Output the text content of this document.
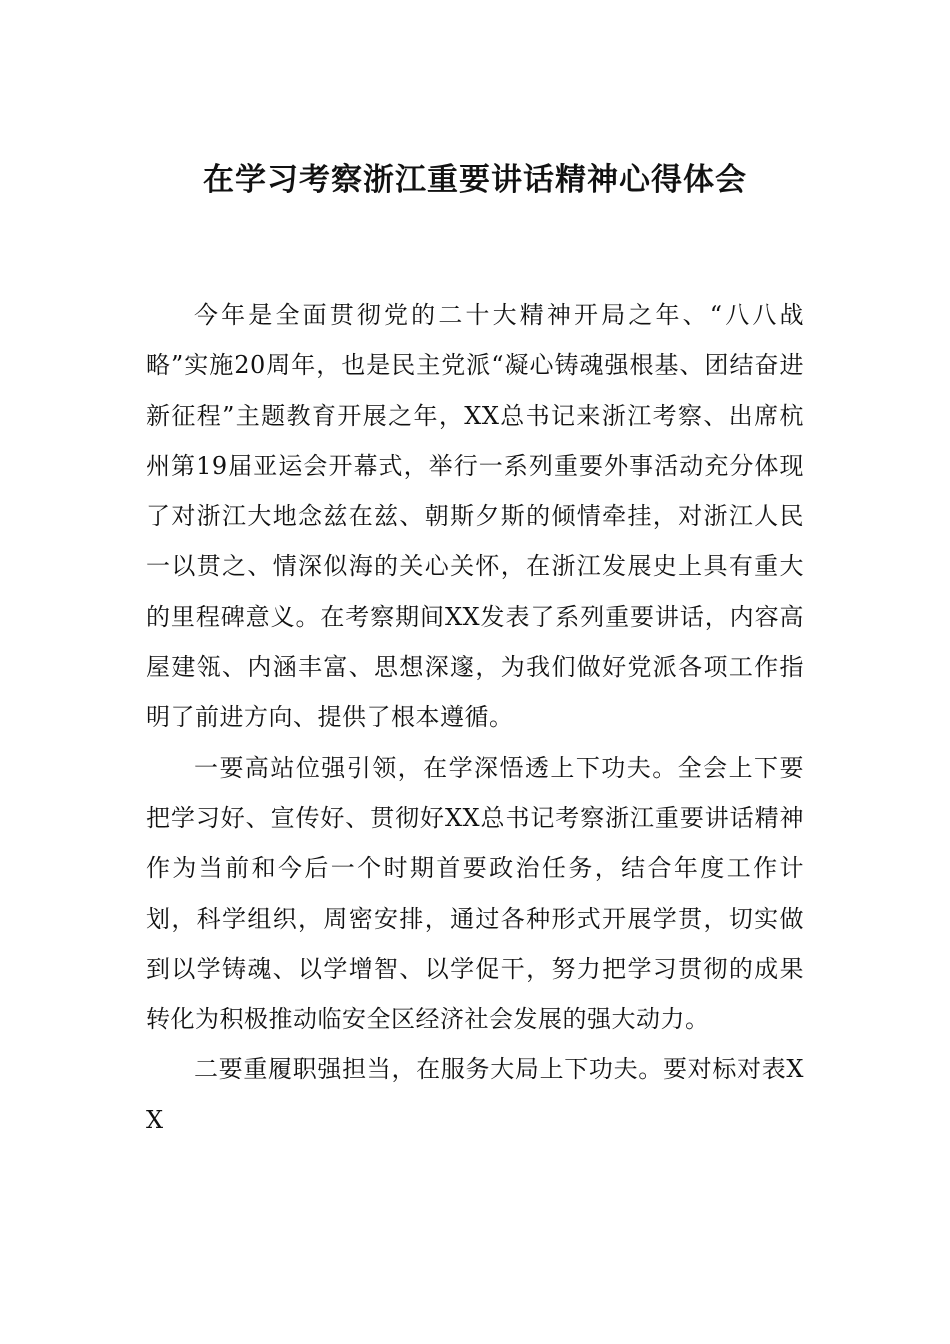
在学习考察浙江重要讲话精神心得体会

今年是全面贯彻党的二十大精神开局之年、“八八战略”实施20周年，也是民主党派“凝心铸魂强根基、团结奋进新征程”主题教育开展之年，XX总书记来浙江考察、出席杭州第19届亚运会开幕式，举行一系列重要外事活动充分体现了对浙江大地念兹在兹、朝斯夕斯的倾情牵挂，对浙江人民一以贯之、情深似海的关心关怀，在浙江发展史上具有重大的里程碑意义。在考察期间XX发表了系列重要讲话，内容高屋建瓴、内涵丰富、思想深邃，为我们做好党派各项工作指明了前进方向、提供了根本遵循。

一要高站位强引领，在学深悟透上下功夫。全会上下要把学习好、宣传好、贯彻好XX总书记考察浙江重要讲话精神作为当前和今后一个时期首要政治任务，结合年度工作计划，科学组织，周密安排，通过各种形式开展学贯，切实做到以学铸魂、以学增智、以学促干，努力把学习贯彻的成果转化为积极推动临安全区经济社会发展的强大动力。

二要重履职强担当，在服务大局上下功夫。要对标对表XX
